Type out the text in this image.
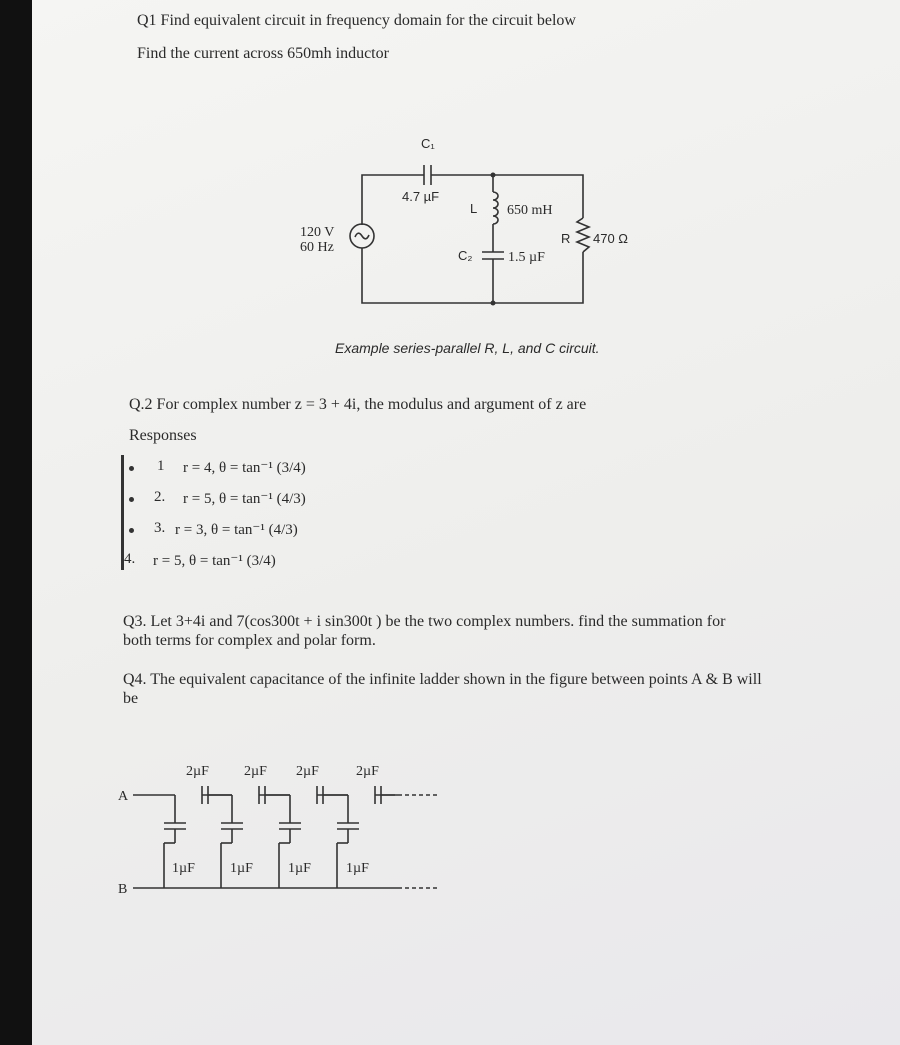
Q1 Find equivalent circuit in frequency domain for the circuit below
Find the current across 650mh inductor
C₁
4.7 µF
L 650 mH
120 V
60 Hz
R 470 Ω
C₂	1.5 µF
Example series-parallel R, L, and C circuit.
Q.2 For complex number z = 3 + 4i, the modulus and argument of z are
Responses
1 r = 4, θ = tan⁻¹ (3/4)
2. r = 5, θ = tan⁻¹ (4/3)
3. r = 3, θ = tan⁻¹ (4/3)
4. r = 5, θ = tan⁻¹ (3/4)
Q3. Let 3+4i and 7(cos300t + i sin300t ) be the two complex numbers. find the summation for
both terms for complex and polar form.
Q4. The equivalent capacitance of the infinite ladder shown in the figure between points A & B will
be
A
B
2µF	2µF 2µF	2µF
1µF	1µF	1µF	1µF
